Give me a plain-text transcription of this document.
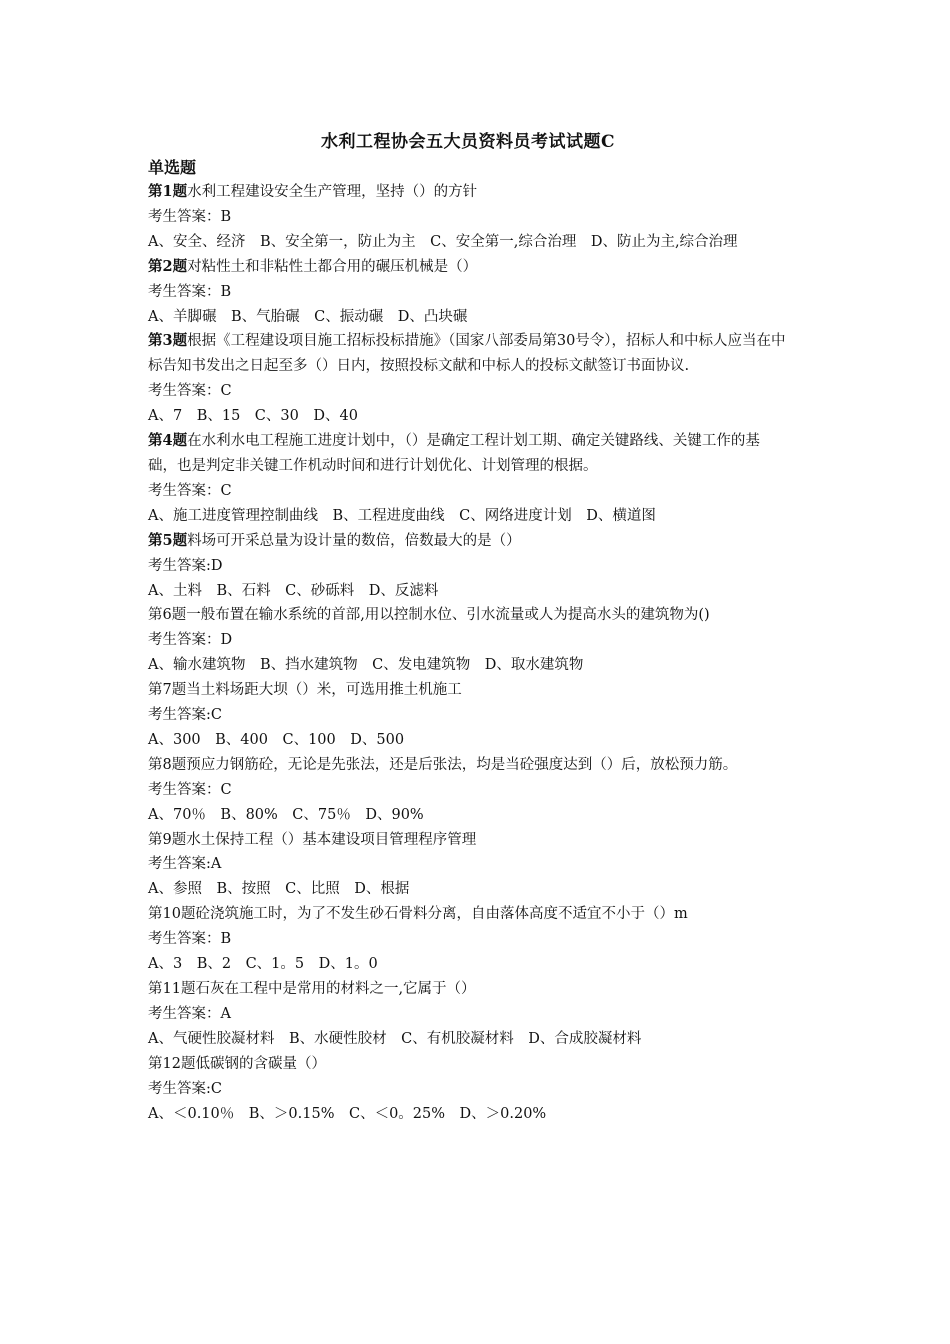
水利工程协会五大员资料员考试试题C
单选题

第1题水利工程建设安全生产管理，坚持（）的方针

考生答案：B

A、安全、经济　B、安全第一，防止为主　C、安全第一,综合治理　D、防止为主,综合治理

第2题对粘性土和非粘性土都合用的碾压机械是（）

考生答案：B

A、羊脚碾　B、气胎碾　C、振动碾　D、凸块碾

第3题根据《工程建设项目施工招标投标措施》（国家八部委局第30号令），招标人和中标人应当在中标告知书发出之日起至多（）日内，按照投标文献和中标人的投标文献签订书面协议.

考生答案：C

A、7　B、15　C、30　D、40

第4题在水利水电工程施工进度计划中，（）是确定工程计划工期、确定关键路线、关键工作的基础，也是判定非关键工作机动时间和进行计划优化、计划管理的根据。

考生答案：C

A、施工进度管理控制曲线　B、工程进度曲线　C、网络进度计划　D、横道图

第5题料场可开采总量为设计量的数倍，倍数最大的是（）

考生答案:D

A、土料　B、石料　C、砂砾料　D、反滤料

第6题一般布置在输水系统的首部,用以控制水位、引水流量或人为提高水头的建筑物为()

考生答案：D

A、输水建筑物　B、挡水建筑物　C、发电建筑物　D、取水建筑物

第7题当土料场距大坝（）米，可选用推土机施工

考生答案:C

A、300　B、400　C、100　D、500

第8题预应力钢筋砼，无论是先张法，还是后张法，均是当砼强度达到（）后，放松预力筋。

考生答案：C

A、70％　B、80%　C、75％　D、90%

第9题水土保持工程（）基本建设项目管理程序管理

考生答案:A

A、参照　B、按照　C、比照　D、根据

第10题砼浇筑施工时，为了不发生砂石骨料分离，自由落体高度不适宜不小于（）m

考生答案：B

A、3　B、2　C、1。5　D、1。0

第11题石灰在工程中是常用的材料之一,它属于（）

考生答案：A

A、气硬性胶凝材料　B、水硬性胶材　C、有机胶凝材料　D、合成胶凝材料

第12题低碳钢的含碳量（）

考生答案:C

A、＜0.10％　B、＞0.15%　C、＜0。25%　D、＞0.20%
